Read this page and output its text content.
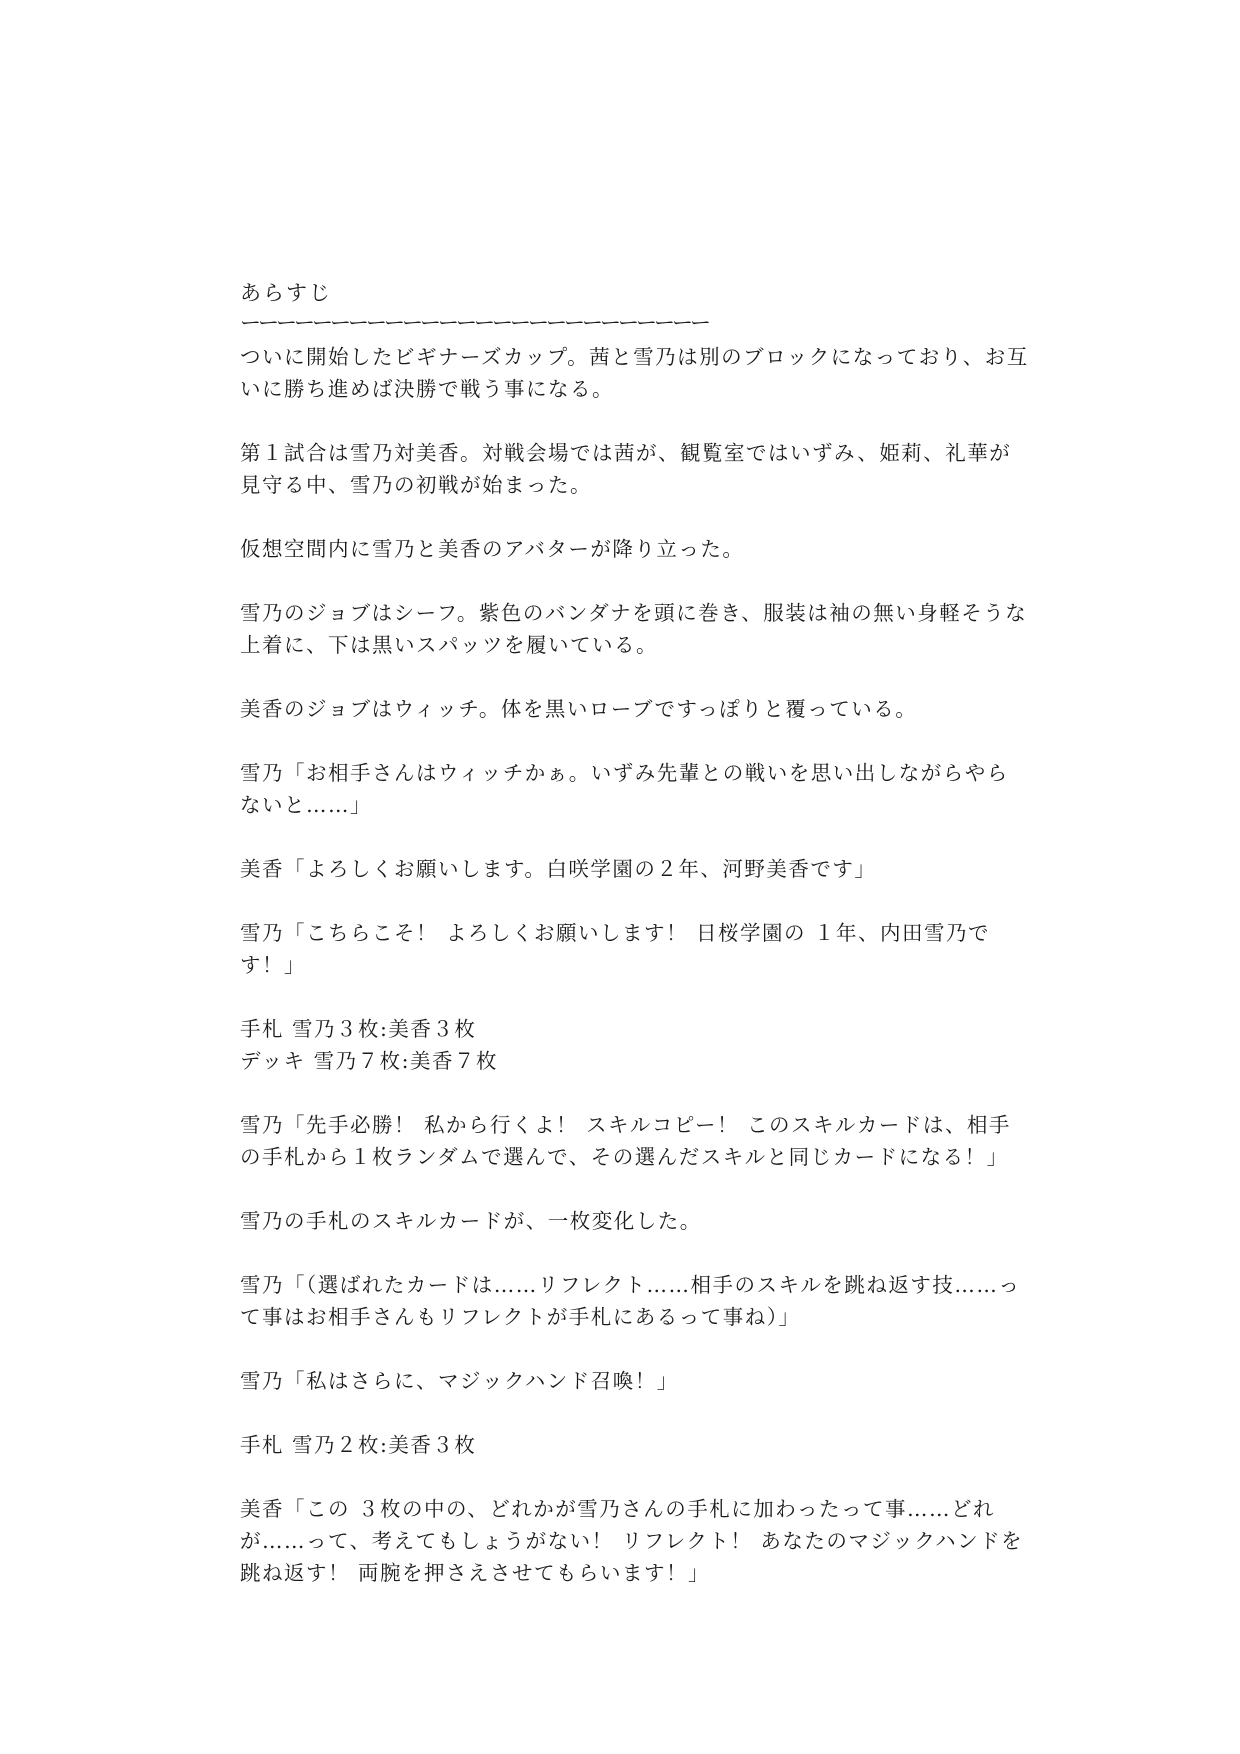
あらすじ

ーーーーーーーーーーーーーーーーーーーーーーーーーー

ついに開始したビギナーズカップ。茜と雪乃は別のブロックになっており、お互いに勝ち進めば決勝で戦う事になる。

第１試合は雪乃対美香。対戦会場では茜が、観覧室ではいずみ、姫莉、礼華が見守る中、雪乃の初戦が始まった。

仮想空間内に雪乃と美香のアバターが降り立った。

雪乃のジョブはシーフ。紫色のバンダナを頭に巻き、服装は袖の無い身軽そうな上着に、下は黒いスパッツを履いている。

美香のジョブはウィッチ。体を黒いローブですっぽりと覆っている。

雪乃「お相手さんはウィッチかぁ。いずみ先輩との戦いを思い出しながらやらないと……」

美香「よろしくお願いします。白咲学園の２年、河野美香です」

雪乃「こちらこそ！ よろしくお願いします！ 日桜学園の １年、内田雪乃です！」

手札 雪乃３枚:美香３枚

デッキ 雪乃７枚:美香７枚

雪乃「先手必勝！ 私から行くよ！ スキルコピー！ このスキルカードは、相手の手札から１枚ランダムで選んで、その選んだスキルと同じカードになる！」

雪乃の手札のスキルカードが、一枚変化した。

雪乃「（選ばれたカードは……リフレクト……相手のスキルを跳ね返す技……って事はお相手さんもリフレクトが手札にあるって事ね）」

雪乃「私はさらに、マジックハンド召喚！」

手札 雪乃２枚:美香３枚

美香「この ３枚の中の、どれかが雪乃さんの手札に加わったって事……どれが……って、考えてもしょうがない！ リフレクト！ あなたのマジックハンドを跳ね返す！ 両腕を押さえさせてもらいます！」
